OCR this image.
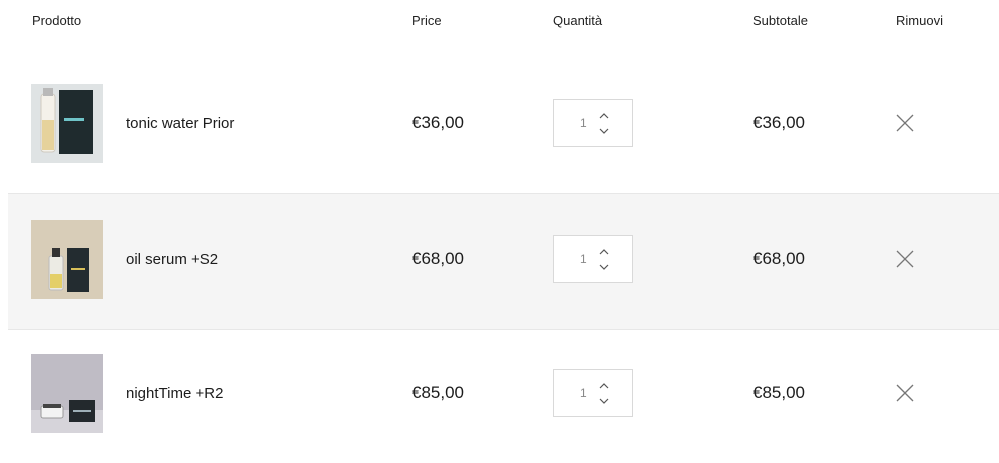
Prodotto	Price	Quantità	Subtotale	Rimuovi
tonic water Prior	€36,00	1	€36,00
oil serum +S2	€68,00	1	€68,00
nightTime +R2	€85,00	1	€85,00
